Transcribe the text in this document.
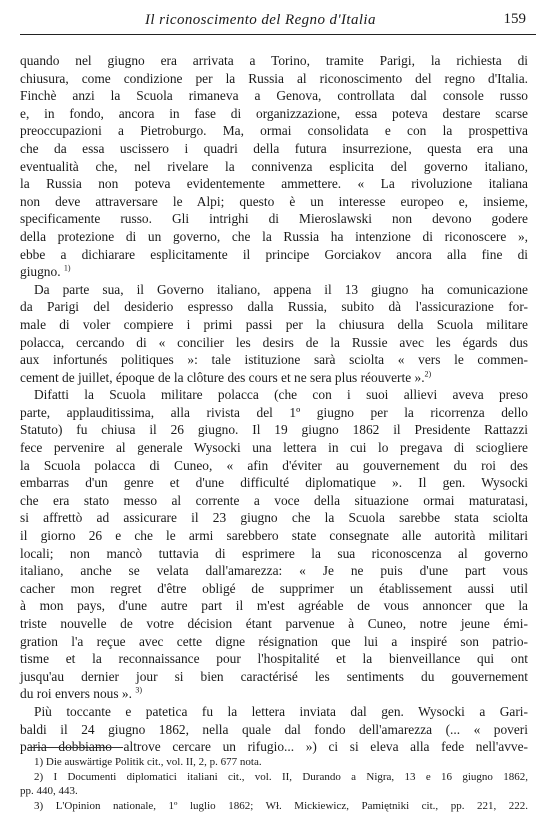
Il riconoscimento del Regno d'Italia	159
quando nel giugno era arrivata a Torino, tramite Parigi, la richiesta di
chiusura, come condizione per la Russia al riconoscimento del regno d'Italia.
Finchè anzi la Scuola rimaneva a Genova, controllata dal console russo
e, in fondo, ancora in fase di organizzazione, essa poteva destare scarse
preoccupazioni a Pietroburgo. Ma, ormai consolidata e con la prospettiva
che da essa uscissero i quadri della futura insurrezione, questa era una
eventualità che, nel rivelare la connivenza esplicita del governo italiano,
la Russia non poteva evidentemente ammettere. « La rivoluzione italiana
non deve attraversare le Alpi; questo è un interesse europeo e, insieme,
specificamente russo. Gli intrighi di Mieroslawski non devono godere
della protezione di un governo, che la Russia ha intenzione di riconoscere »,
ebbe a dichiarare esplicitamente il principe Gorciakov ancora alla fine di
giugno. $^{1)}$
Da parte sua, il Governo italiano, appena il 13 giugno ha comunicazione
da Parigi del desiderio espresso dalla Russia, subito dà l'assicurazione for-
male di voler compiere i primi passi per la chiusura della Scuola militare
polacca, cercando di « concilier les desirs de la Russie avec les égards dus
aux infortunés politiques »: tale istituzione sarà sciolta « vers le commen-
cement de juillet, époque de la clôture des cours et ne sera plus réouverte ».$^{2)}$
Difatti la Scuola militare polacca (che con i suoi allievi aveva preso
parte, applauditissima, alla rivista del 1º giugno per la ricorrenza dello
Statuto) fu chiusa il 26 giugno. Il 19 giugno 1862 il Presidente Rattazzi
fece pervenire al generale Wysocki una lettera in cui lo pregava di sciogliere
la Scuola polacca di Cuneo, « afin d'éviter au gouvernement du roi des
embarras d'un genre et d'une difficulté diplomatique ». Il gen. Wysocki
che era stato messo al corrente a voce della situazione ormai maturatasi,
si affrettò ad assicurare il 23 giugno che la Scuola sarebbe stata sciolta
il giorno 26 e che le armi sarebbero state consegnate alle autorità militari
locali; non mancò tuttavia di esprimere la sua riconoscenza al governo
italiano, anche se velata dall'amarezza: « Je ne puis d'une part vous
cacher mon regret d'être obligé de supprimer un établissement aussi util
à mon pays, d'une autre part il m'est agréable de vous annoncer que la
triste nouvelle de votre décision étant parvenue à Cuneo, notre jeune émi-
gration l'a reçue avec cette digne résignation que lui a inspiré son patrio-
tisme et la reconnaissance pour l'hospitalité et la bienveillance qui ont
jusqu'au dernier jour si bien caractérisé les sentiments du gouvernement
du roi envers nous ». $^{3)}$
Più toccante e patetica fu la lettera inviata dal gen. Wysocki a Gari-
baldi il 24 giugno 1862, nella quale dal fondo dell'amarezza (... « poveri
paria dobbiamo altrove cercare un rifugio... ») ci si eleva alla fede nell'avve-
1) Die auswärtige Politik cit., vol. II, 2, p. 677 nota.
2) I Documenti diplomatici italiani cit., vol. II, Durando a Nigra, 13 e 16 giugno 1862,
pp. 440, 443.
3) L'Opinion nationale, 1º luglio 1862; Wł. Mickiewicz, Pamiętniki cit., pp. 221, 222.
